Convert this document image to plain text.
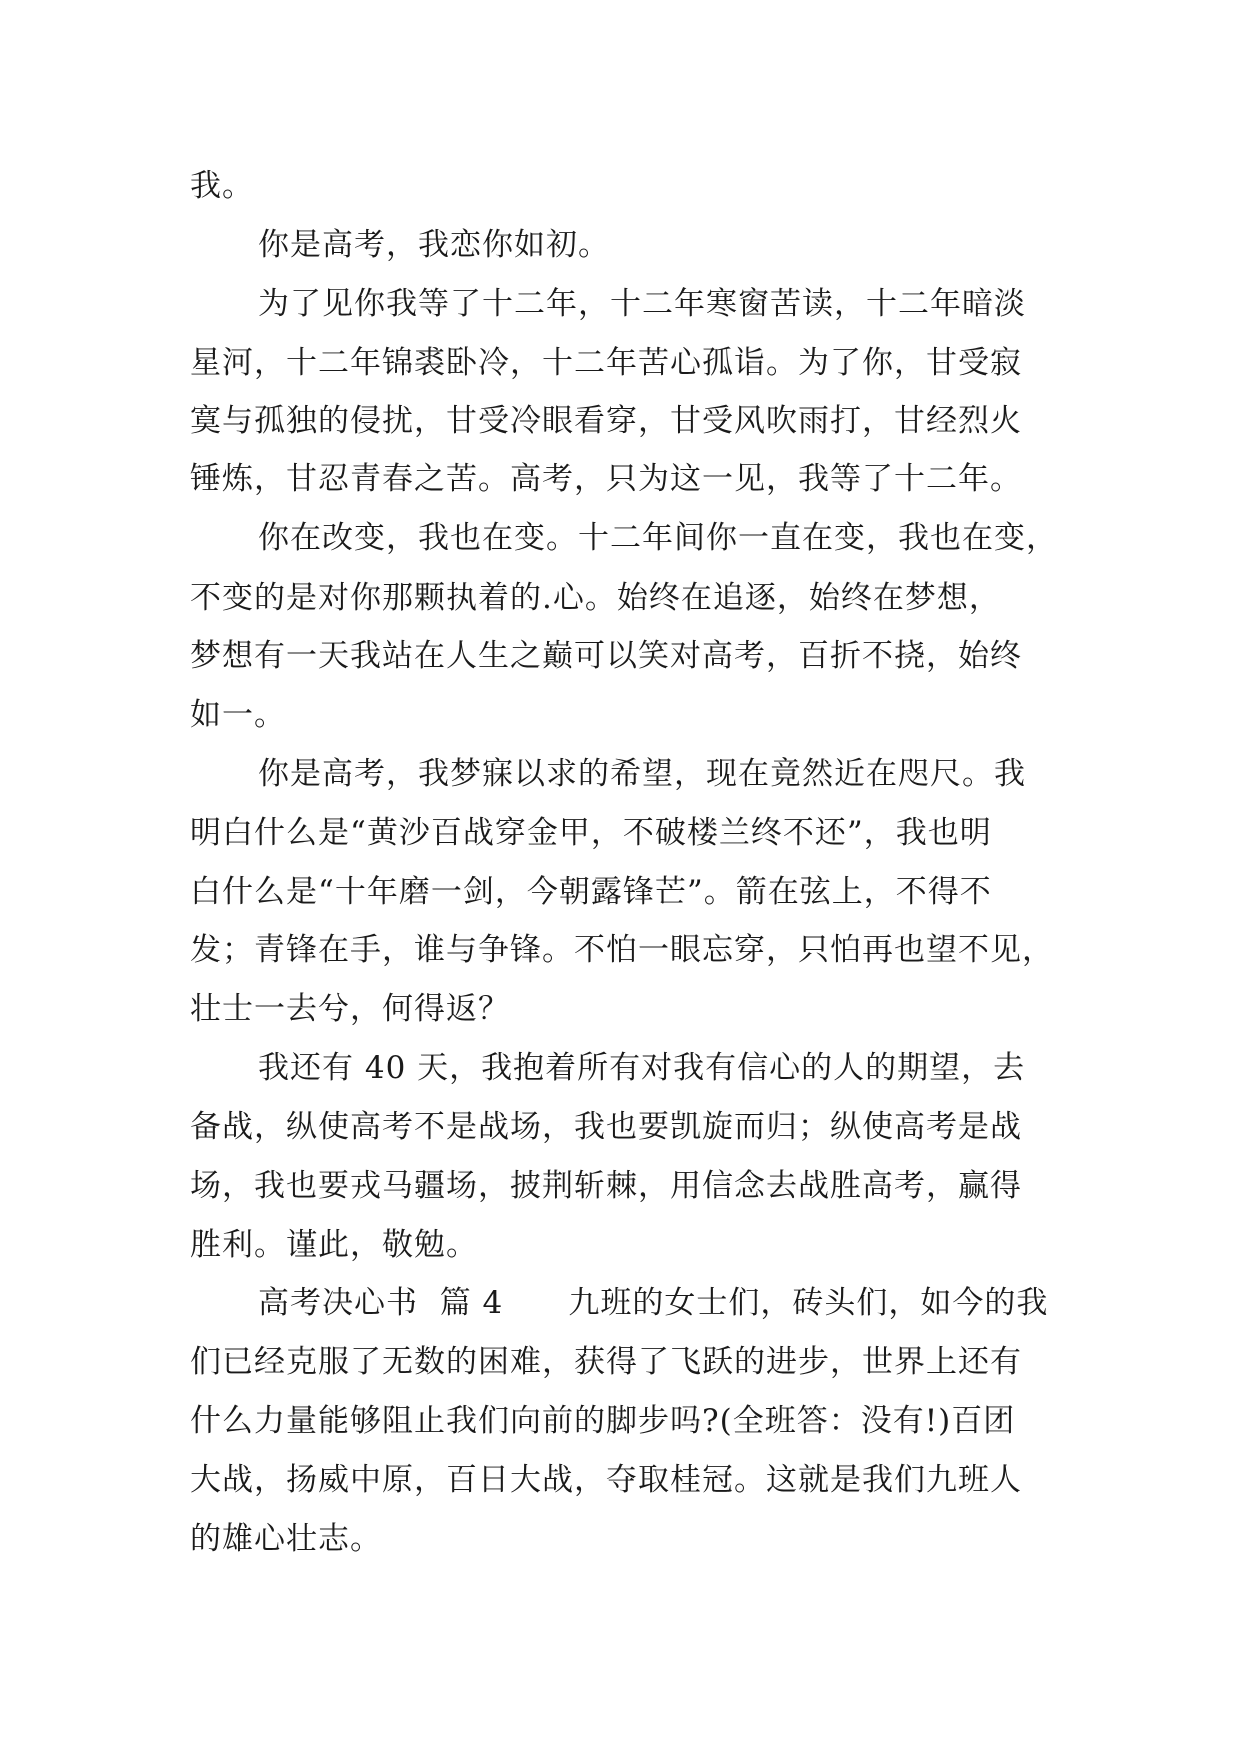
我。
你是高考，我恋你如初。
为了见你我等了十二年，十二年寒窗苦读，十二年暗淡
星河，十二年锦裘卧冷，十二年苦心孤诣。为了你，甘受寂
寞与孤独的侵扰，甘受冷眼看穿，甘受风吹雨打，甘经烈火
锤炼，甘忍青春之苦。高考，只为这一见，我等了十二年。
你在改变，我也在变。十二年间你一直在变，我也在变，
不变的是对你那颗执着的.心。始终在追逐，始终在梦想，
梦想有一天我站在人生之巅可以笑对高考，百折不挠，始终
如一。
你是高考，我梦寐以求的希望，现在竟然近在咫尺。我
明白什么是“黄沙百战穿金甲，不破楼兰终不还”，我也明
白什么是“十年磨一剑，今朝露锋芒”。箭在弦上，不得不
发；青锋在手，谁与争锋。不怕一眼忘穿，只怕再也望不见，
壮士一去兮，何得返？
我还有 40 天，我抱着所有对我有信心的人的期望，去
备战，纵使高考不是战场，我也要凯旋而归；纵使高考是战
场，我也要戎马疆场，披荆斩棘，用信念去战胜高考，赢得
胜利。谨此，敬勉。
高考决心书  篇 4      九班的女士们，砖头们，如今的我
们已经克服了无数的困难，获得了飞跃的进步，世界上还有
什么力量能够阻止我们向前的脚步吗?(全班答：没有!)百团
大战，扬威中原，百日大战，夺取桂冠。这就是我们九班人
的雄心壮志。
